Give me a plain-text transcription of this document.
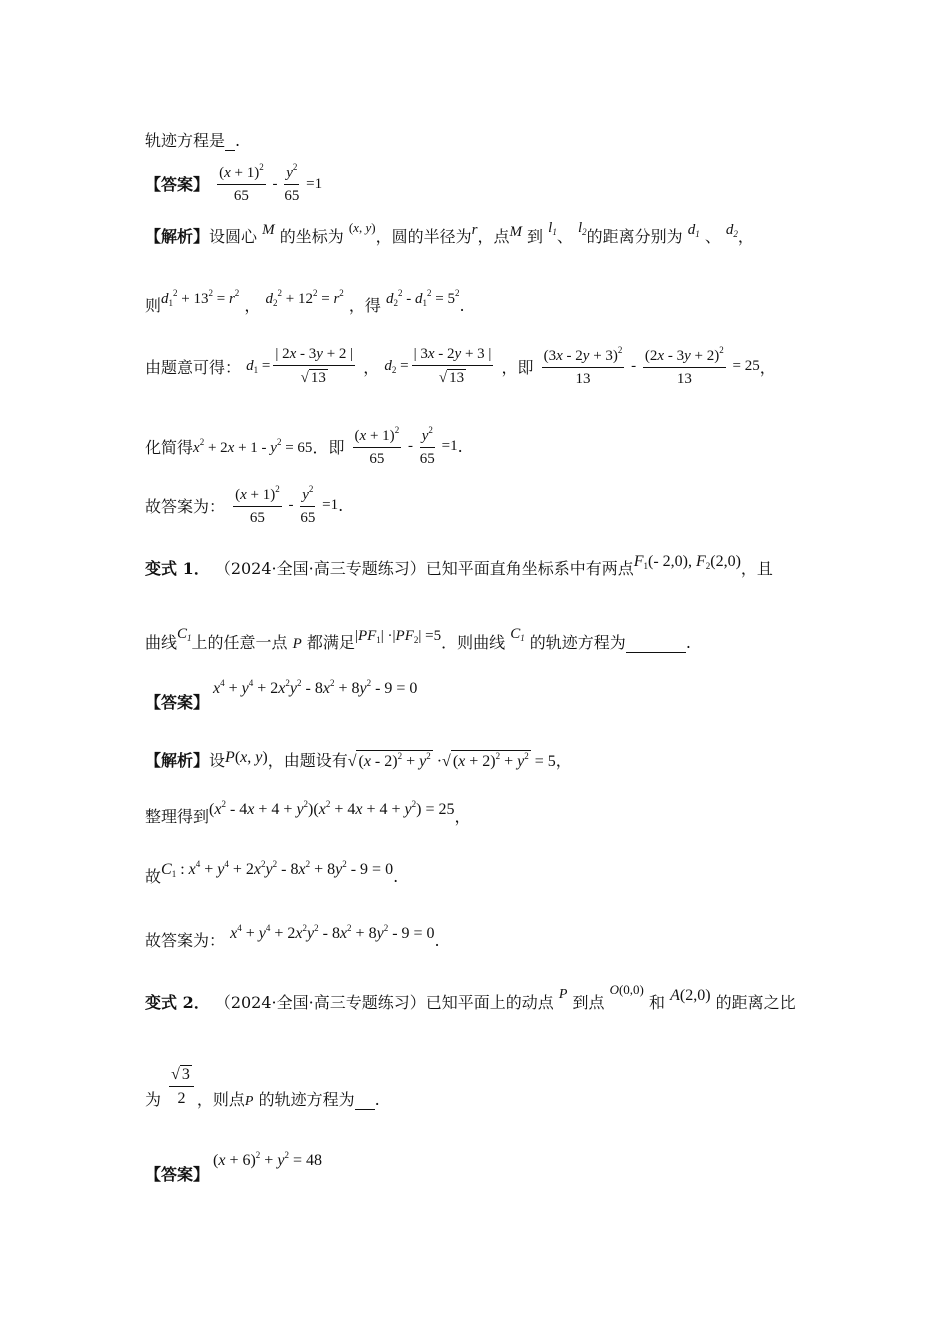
轨迹方程是 .
【答案】 $\frac{(x + 1)^2}{65} - \frac{y^2}{65} =1$
【解析】设圆心 M 的坐标为 $^{(x, y)}$，圆的半径为r，点M 到 $l_1$、 $l_2$的距离分别为 $d_1$ 、 $d_2$，
则$d_1^2 + 13^2 = r^2$ ， $d_2^2 + 12^2 = r^2$ ，得 $d_2^2 - d_1^2 = 5^2$.
由题意可得： $d_1 = \frac{| 2x - 3y + 2 |}{√ 13}$ ， $d_2 = \frac{| 3x - 2y + 3 |}{√ 13}$ ，即 $\frac{(3x - 2y + 3)^2}{13} - \frac{(2x - 3y + 2)^2}{13} = 25$，
化简得$x^2 + 2x + 1 - y^2 = 65$．即 $\frac{(x + 1)^2}{65} - \frac{y^2}{65} =1$.
故答案为： $\frac{(x + 1)^2}{65} - \frac{y^2}{65} =1$.
变式 1． （2024·全国·高三专题练习）已知平面直角坐标系中有两点$F_1(-$ 2,0), $F_2(2,0)$，且
曲线$C_1$上的任意一点 P 都满足$|PF_1| \cdot|PF_2| =5$．则曲线 $C_1$ 的轨迹方程为	.
【答案】
$x^4 + y^4 + 2x^2y^2 - 8x^2 + 8y^2 - 9 = 0$
【解析】设P(x, y)，由题设有√ $(x - 2)^2 + y^2$ ·√ $(x + 2)^2 + y^2 = 5$，
整理得到$(x^2 - 4x + 4 + y^2)(x^2 + 4x + 4 + y^2) = 25$，
故$C_1$ : $x^4 + y^4 + 2x^2y^2 - 8x^2 + 8y^2 - 9 = 0$.
故答案为： $x^4 + y^4 + 2x^2y^2 - 8x^2 + 8y^2 - 9 = 0$.
变式 2． （2024·全国·高三专题练习）已知平面上的动点 P 到点 $^{O(0,0)}$ 和 A(2,0) 的距离之比
为 $\frac{√ 3}{2}$ ，则点P 的轨迹方程为 .
【答案】
$(x + 6)^2 + y^2 = 48$
